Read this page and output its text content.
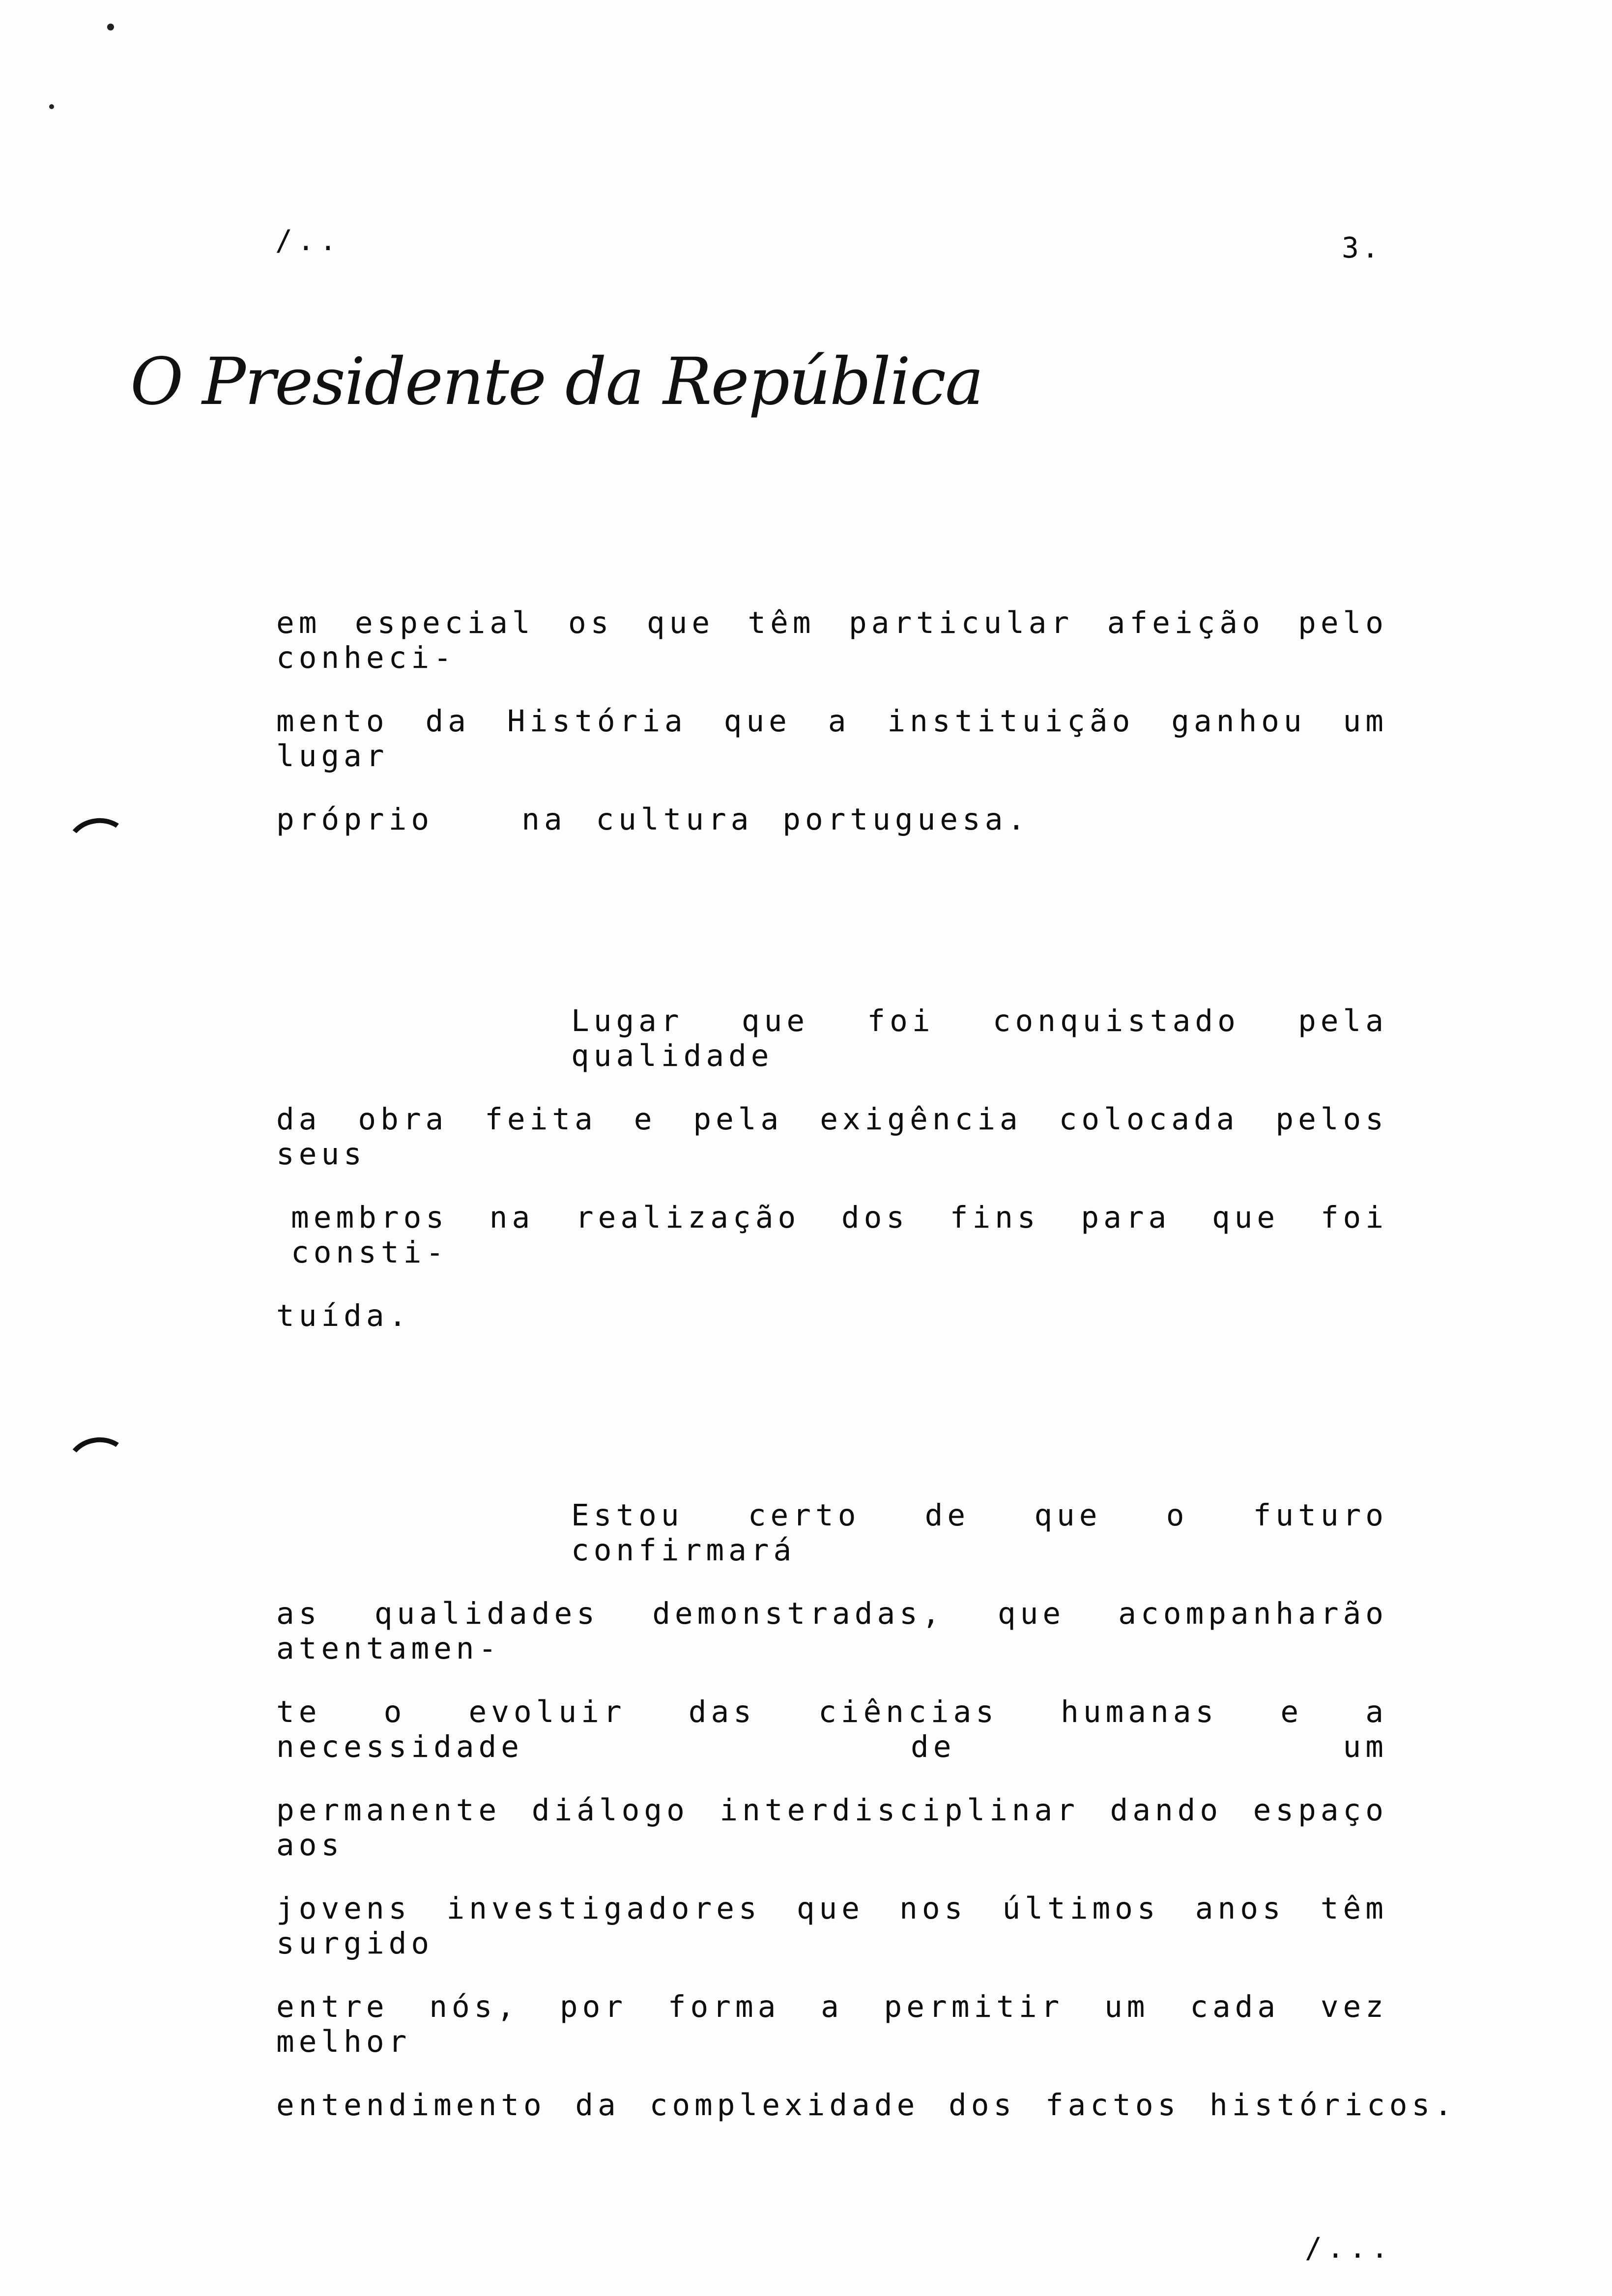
/..	3.
O Presidente da República
em especial os que têm particular afeição pelo conheci-
mento da História que a instituição ganhou um lugar
próprio   na cultura portuguesa.
Lugar que foi conquistado pela qualidade
da obra feita e pela exigência colocada pelos seus
membros na realização dos fins para que foi consti-
tuída.
Estou certo de que o futuro confirmará
as qualidades demonstradas, que acompanharão atentamen-
te o evoluir das ciências humanas e a necessidade de um
permanente diálogo interdisciplinar dando espaço aos
jovens investigadores que nos últimos anos têm surgido
entre nós, por forma a permitir um cada vez melhor
entendimento da complexidade dos factos históricos.
/...
